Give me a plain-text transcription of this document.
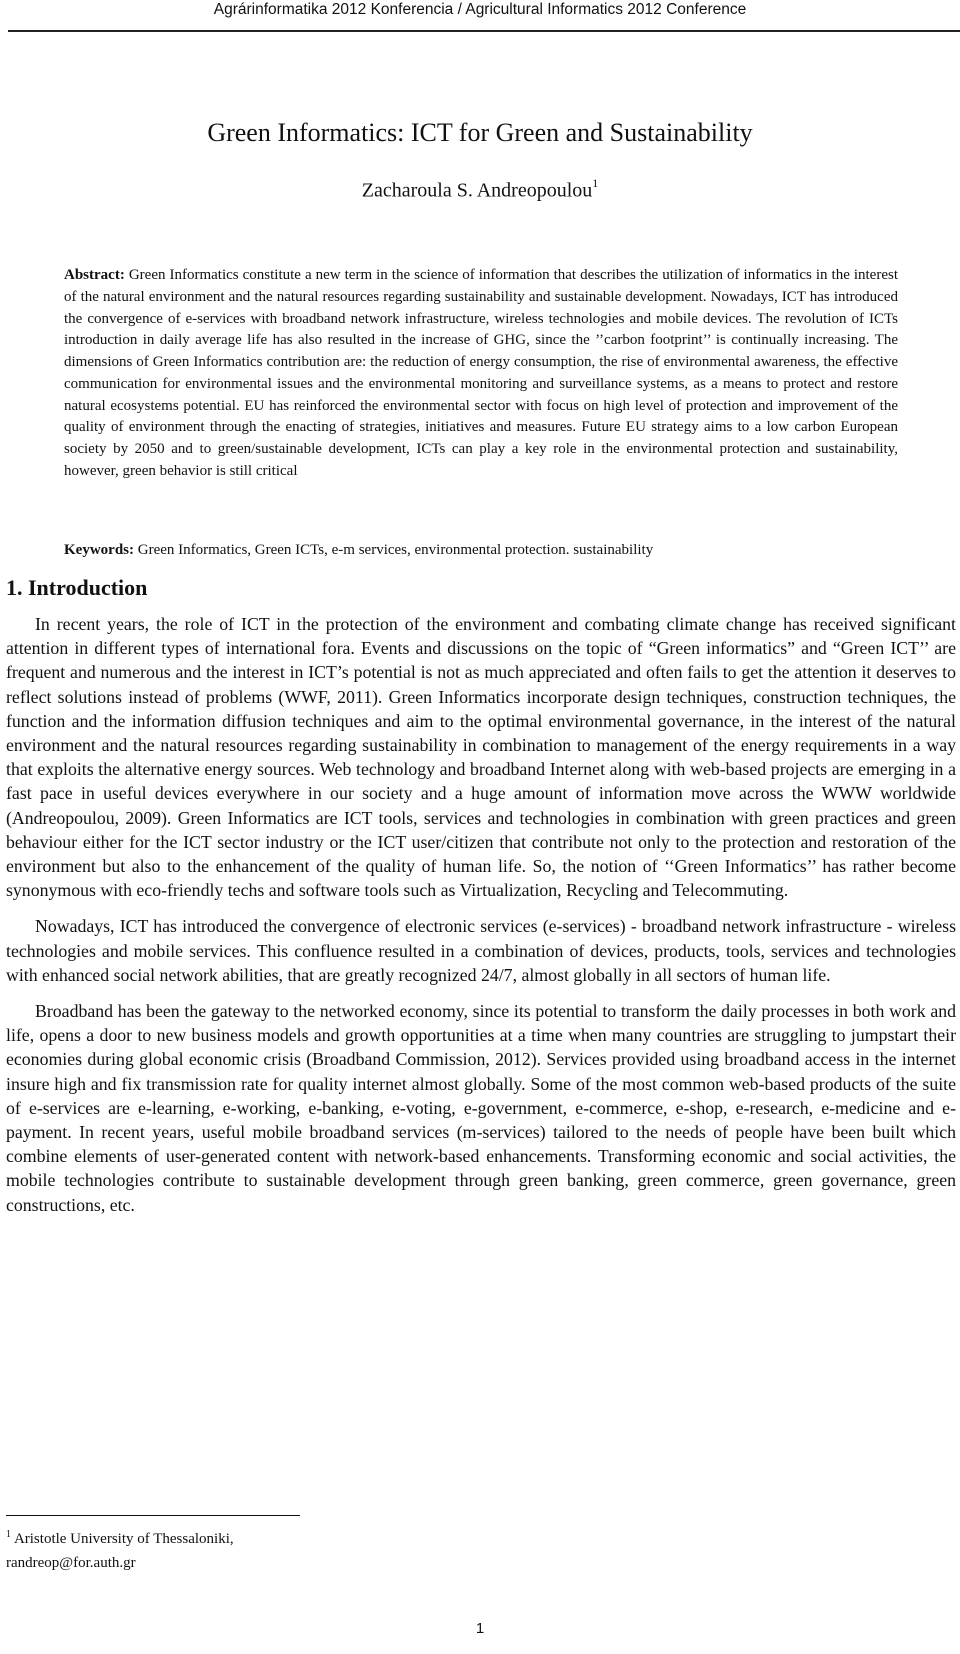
Agrárinformatika 2012 Konferencia / Agricultural Informatics 2012 Conference
Green Informatics: ICT for Green and Sustainability
Zacharoula S. Andreopoulou$^1$
Abstract: Green Informatics constitute a new term in the science of information that describes the utilization of informatics in the interest of the natural environment and the natural resources regarding sustainability and sustainable development. Nowadays, ICT has introduced the convergence of e-services with broadband network infrastructure, wireless technologies and mobile devices. The revolution of ICTs introduction in daily average life has also resulted in the increase of GHG, since the ’’carbon footprint’’ is continually increasing. The dimensions of Green Informatics contribution are: the reduction of energy consumption, the rise of environmental awareness, the effective communication for environmental issues and the environmental monitoring and surveillance systems, as a means to protect and restore natural ecosystems potential. EU has reinforced the environmental sector with focus on high level of protection and improvement of the quality of environment through the enacting of strategies, initiatives and measures. Future EU strategy aims to a low carbon European society by 2050 and to green/sustainable development, ICTs can play a key role in the environmental protection and sustainability, however, green behavior is still critical
Keywords: Green Informatics, Green ICTs, e-m services, environmental protection. sustainability
1. Introduction

In recent years, the role of ICT in the protection of the environment and combating climate change has received significant attention in different types of international fora. Events and discussions on the topic of “Green informatics” and “Green ICT’’ are frequent and numerous and the interest in ICT’s potential is not as much appreciated and often fails to get the attention it deserves to reflect solutions instead of problems (WWF, 2011). Green Informatics incorporate design techniques, construction techniques, the function and the information diffusion techniques and aim to the optimal environmental governance, in the interest of the natural environment and the natural resources regarding sustainability in combination to management of the energy requirements in a way that exploits the alternative energy sources. Web technology and broadband Internet along with web-based projects are emerging in a fast pace in useful devices everywhere in our society and a huge amount of information move across the WWW worldwide (Andreopoulou, 2009). Green Informatics are ICT tools, services and technologies in combination with green practices and green behaviour either for the ICT sector industry or the ICT user/citizen that contribute not only to the protection and restoration of the environment but also to the enhancement of the quality of human life. So, the notion of ‘‘Green Informatics’’ has rather become synonymous with eco-friendly techs and software tools such as Virtualization, Recycling and Telecommuting.

Nowadays, ICT has introduced the convergence of electronic services (e-services) - broadband network infrastructure - wireless technologies and mobile services. This confluence resulted in a combination of devices, products, tools, services and technologies with enhanced social network abilities, that are greatly recognized 24/7, almost globally in all sectors of human life.

Broadband has been the gateway to the networked economy, since its potential to transform the daily processes in both work and life, opens a door to new business models and growth opportunities at a time when many countries are struggling to jumpstart their economies during global economic crisis (Broadband Commission, 2012). Services provided using broadband access in the internet insure high and fix transmission rate for quality internet almost globally. Some of the most common web-based products of the suite of e-services are e-learning, e-working, e-banking, e-voting, e-government, e-commerce, e-shop, e-research, e-medicine and e-payment. In recent years, useful mobile broadband services (m-services) tailored to the needs of people have been built which combine elements of user-generated content with network-based enhancements. Transforming economic and social activities, the mobile technologies contribute to sustainable development through green banking, green commerce, green governance, green constructions, etc.

$^1$ Aristotle University of Thessaloniki,
randreop@for.auth.gr
1
